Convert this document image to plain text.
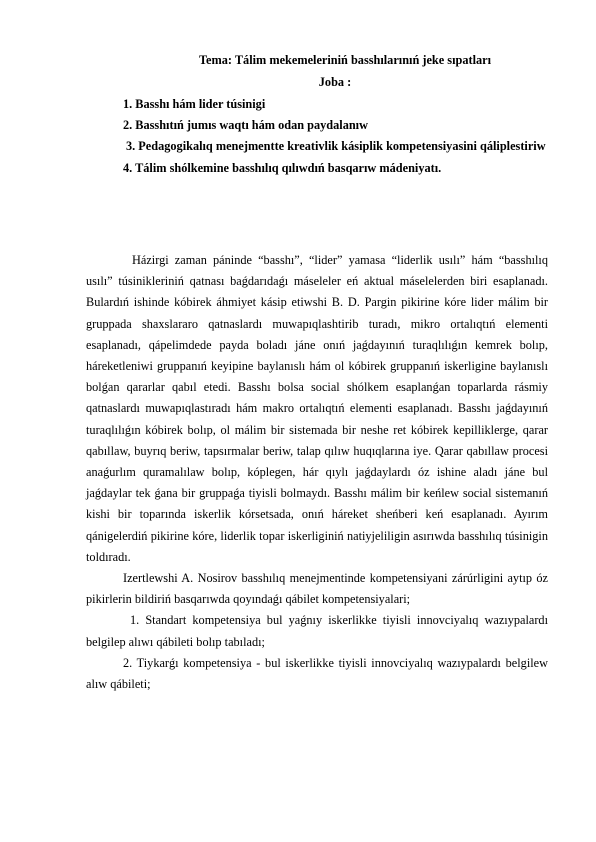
Tema: Tálim mekemeleriniń basshılarınıń jeke sıpatları
Joba :

1. Basshı hám lider túsinigi

2. Basshıtıń jumıs waqtı hám odan paydalanıw

3. Pedagogikalıq menejmentte kreativlik kásiplik kompetensiyasini qáliplestiriw

4. Tálim shólkemine basshılıq qılıwdıń basqarıw mádeniyatı.

Házirgi zaman páninde “basshı”, “lider” yamasa “liderlik usılı” hám “basshılıq usılı” túsinikleriniń qatnası baǵdarıdaǵı máseleler eń aktual máselelerden biri esaplanadı. Bulardıń ishinde kóbirek áhmiyet kásip etiwshi B. D. Pargin pikirine kóre lider málim bir gruppada shaxslararo qatnaslardı muwapıqlashtirib turadı, mikro ortalıqtıń elementi esaplanadı, qápelimdede payda boladı jáne onıń jaǵdayınıń turaqlılıǵın kemrek bolıp, háreketleniwi gruppanıń keyipine baylanıslı hám ol kóbirek gruppanıń iskerligine baylanıslı bolǵan qararlar qabıl etedi. Basshı bolsa social shólkem esaplanǵan toparlarda rásmiy qatnaslardı muwapıqlastıradı hám makro ortalıqtıń elementi esaplanadı. Basshı jaǵdayınıń turaqlılıǵın kóbirek bolıp, ol málim bir sistemada bir neshe ret kóbirek kepilliklerge, qarar qabıllaw, buyrıq beriw, tapsırmalar beriw, talap qılıw huqıqlarına iye. Qarar qabıllaw procesi anaǵurlım quramalılaw bolıp, kóplegen, hár qıylı jaǵdaylardı óz ishine aladı jáne bul jaǵdaylar tek ǵana bir gruppaǵa tiyisli bolmaydı. Basshı málim bir keńlew social sistemanıń kishi bir toparında iskerlik kórsetsada, onıń háreket sheńberi keń esaplanadı. Ayırım qánigelerdiń pikirine kóre, liderlik topar iskerliginiń natiyjeliligin asırıwda basshılıq túsinigin toldıradı.

Izertlewshi A. Nosirov basshılıq menejmentinde kompetensiyani zárúrligini aytıp óz pikirlerin bildiriń basqarıwda qoyındaǵı qábilet kompetensiyalari;

1. Standart kompetensiya bul yaǵnıy iskerlikke tiyisli innovciyalıq wazıypalardı belgilep alıwı qábileti bolıp tabıladı;

2. Tiykarǵı kompetensiya - bul iskerlikke tiyisli innovciyalıq wazıypalardı belgilew alıw qábileti;
